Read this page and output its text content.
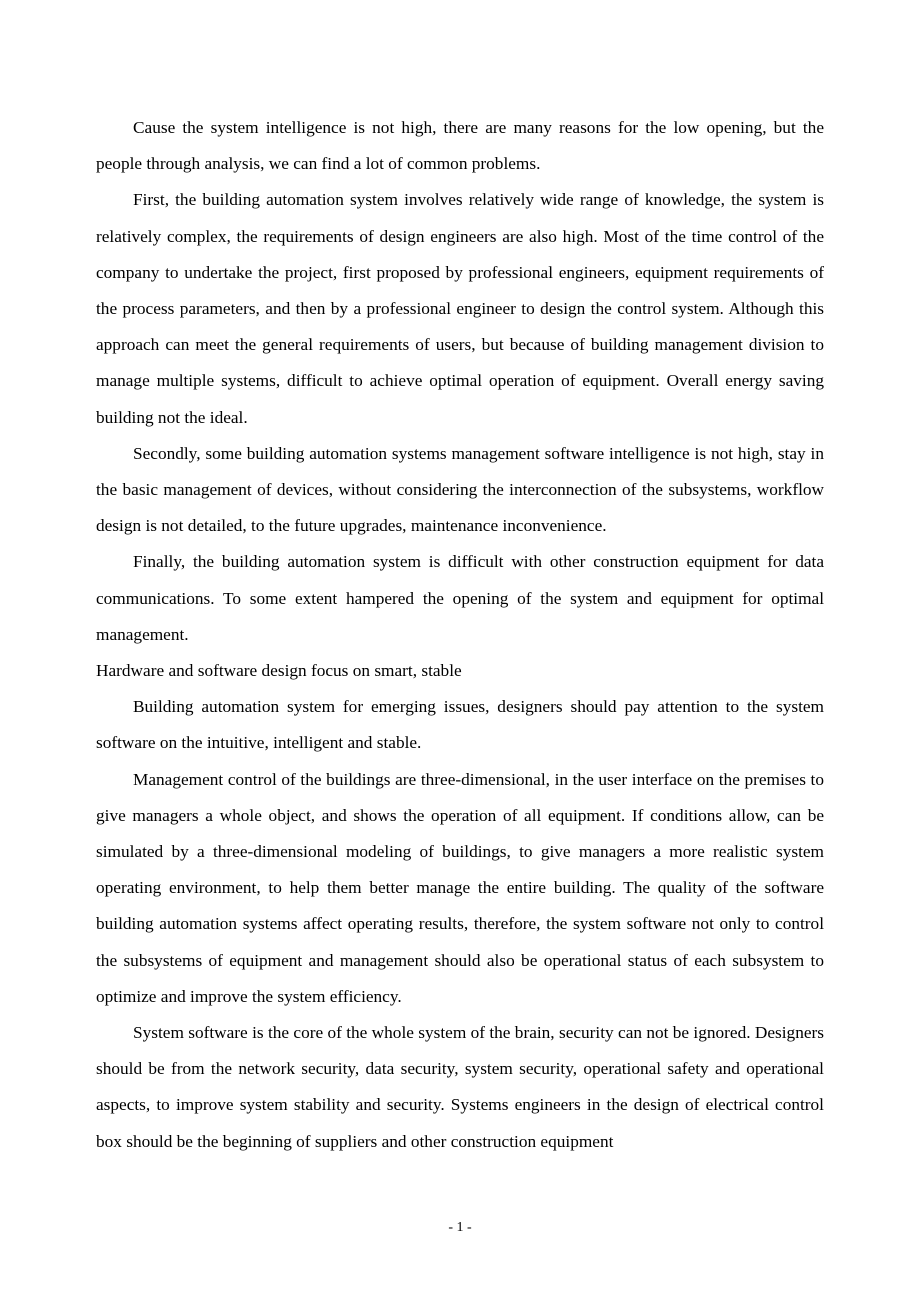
Cause the system intelligence is not high, there are many reasons for the low opening, but the people through analysis, we can find a lot of common problems.

First, the building automation system involves relatively wide range of knowledge, the system is relatively complex, the requirements of design engineers are also high. Most of the time control of the company to undertake the project, first proposed by professional engineers, equipment requirements of the process parameters, and then by a professional engineer to design the control system. Although this approach can meet the general requirements of users, but because of building management division to manage multiple systems, difficult to achieve optimal operation of equipment. Overall energy saving building not the ideal.

Secondly, some building automation systems management software intelligence is not high, stay in the basic management of devices, without considering the interconnection of the subsystems, workflow design is not detailed, to the future upgrades, maintenance inconvenience.

Finally, the building automation system is difficult with other construction equipment for data communications. To some extent hampered the opening of the system and equipment for optimal management.

Hardware and software design focus on smart, stable

Building automation system for emerging issues, designers should pay attention to the system software on the intuitive, intelligent and stable.

Management control of the buildings are three-dimensional, in the user interface on the premises to give managers a whole object, and shows the operation of all equipment. If conditions allow, can be simulated by a three-dimensional modeling of buildings, to give managers a more realistic system operating environment, to help them better manage the entire building. The quality of the software building automation systems affect operating results, therefore, the system software not only to control the subsystems of equipment and management should also be operational status of each subsystem to optimize and improve the system efficiency.

System software is the core of the whole system of the brain, security can not be ignored. Designers should be from the network security, data security, system security, operational safety and operational aspects, to improve system stability and security. Systems engineers in the design of electrical control box should be the beginning of suppliers and other construction equipment

- 1 -
